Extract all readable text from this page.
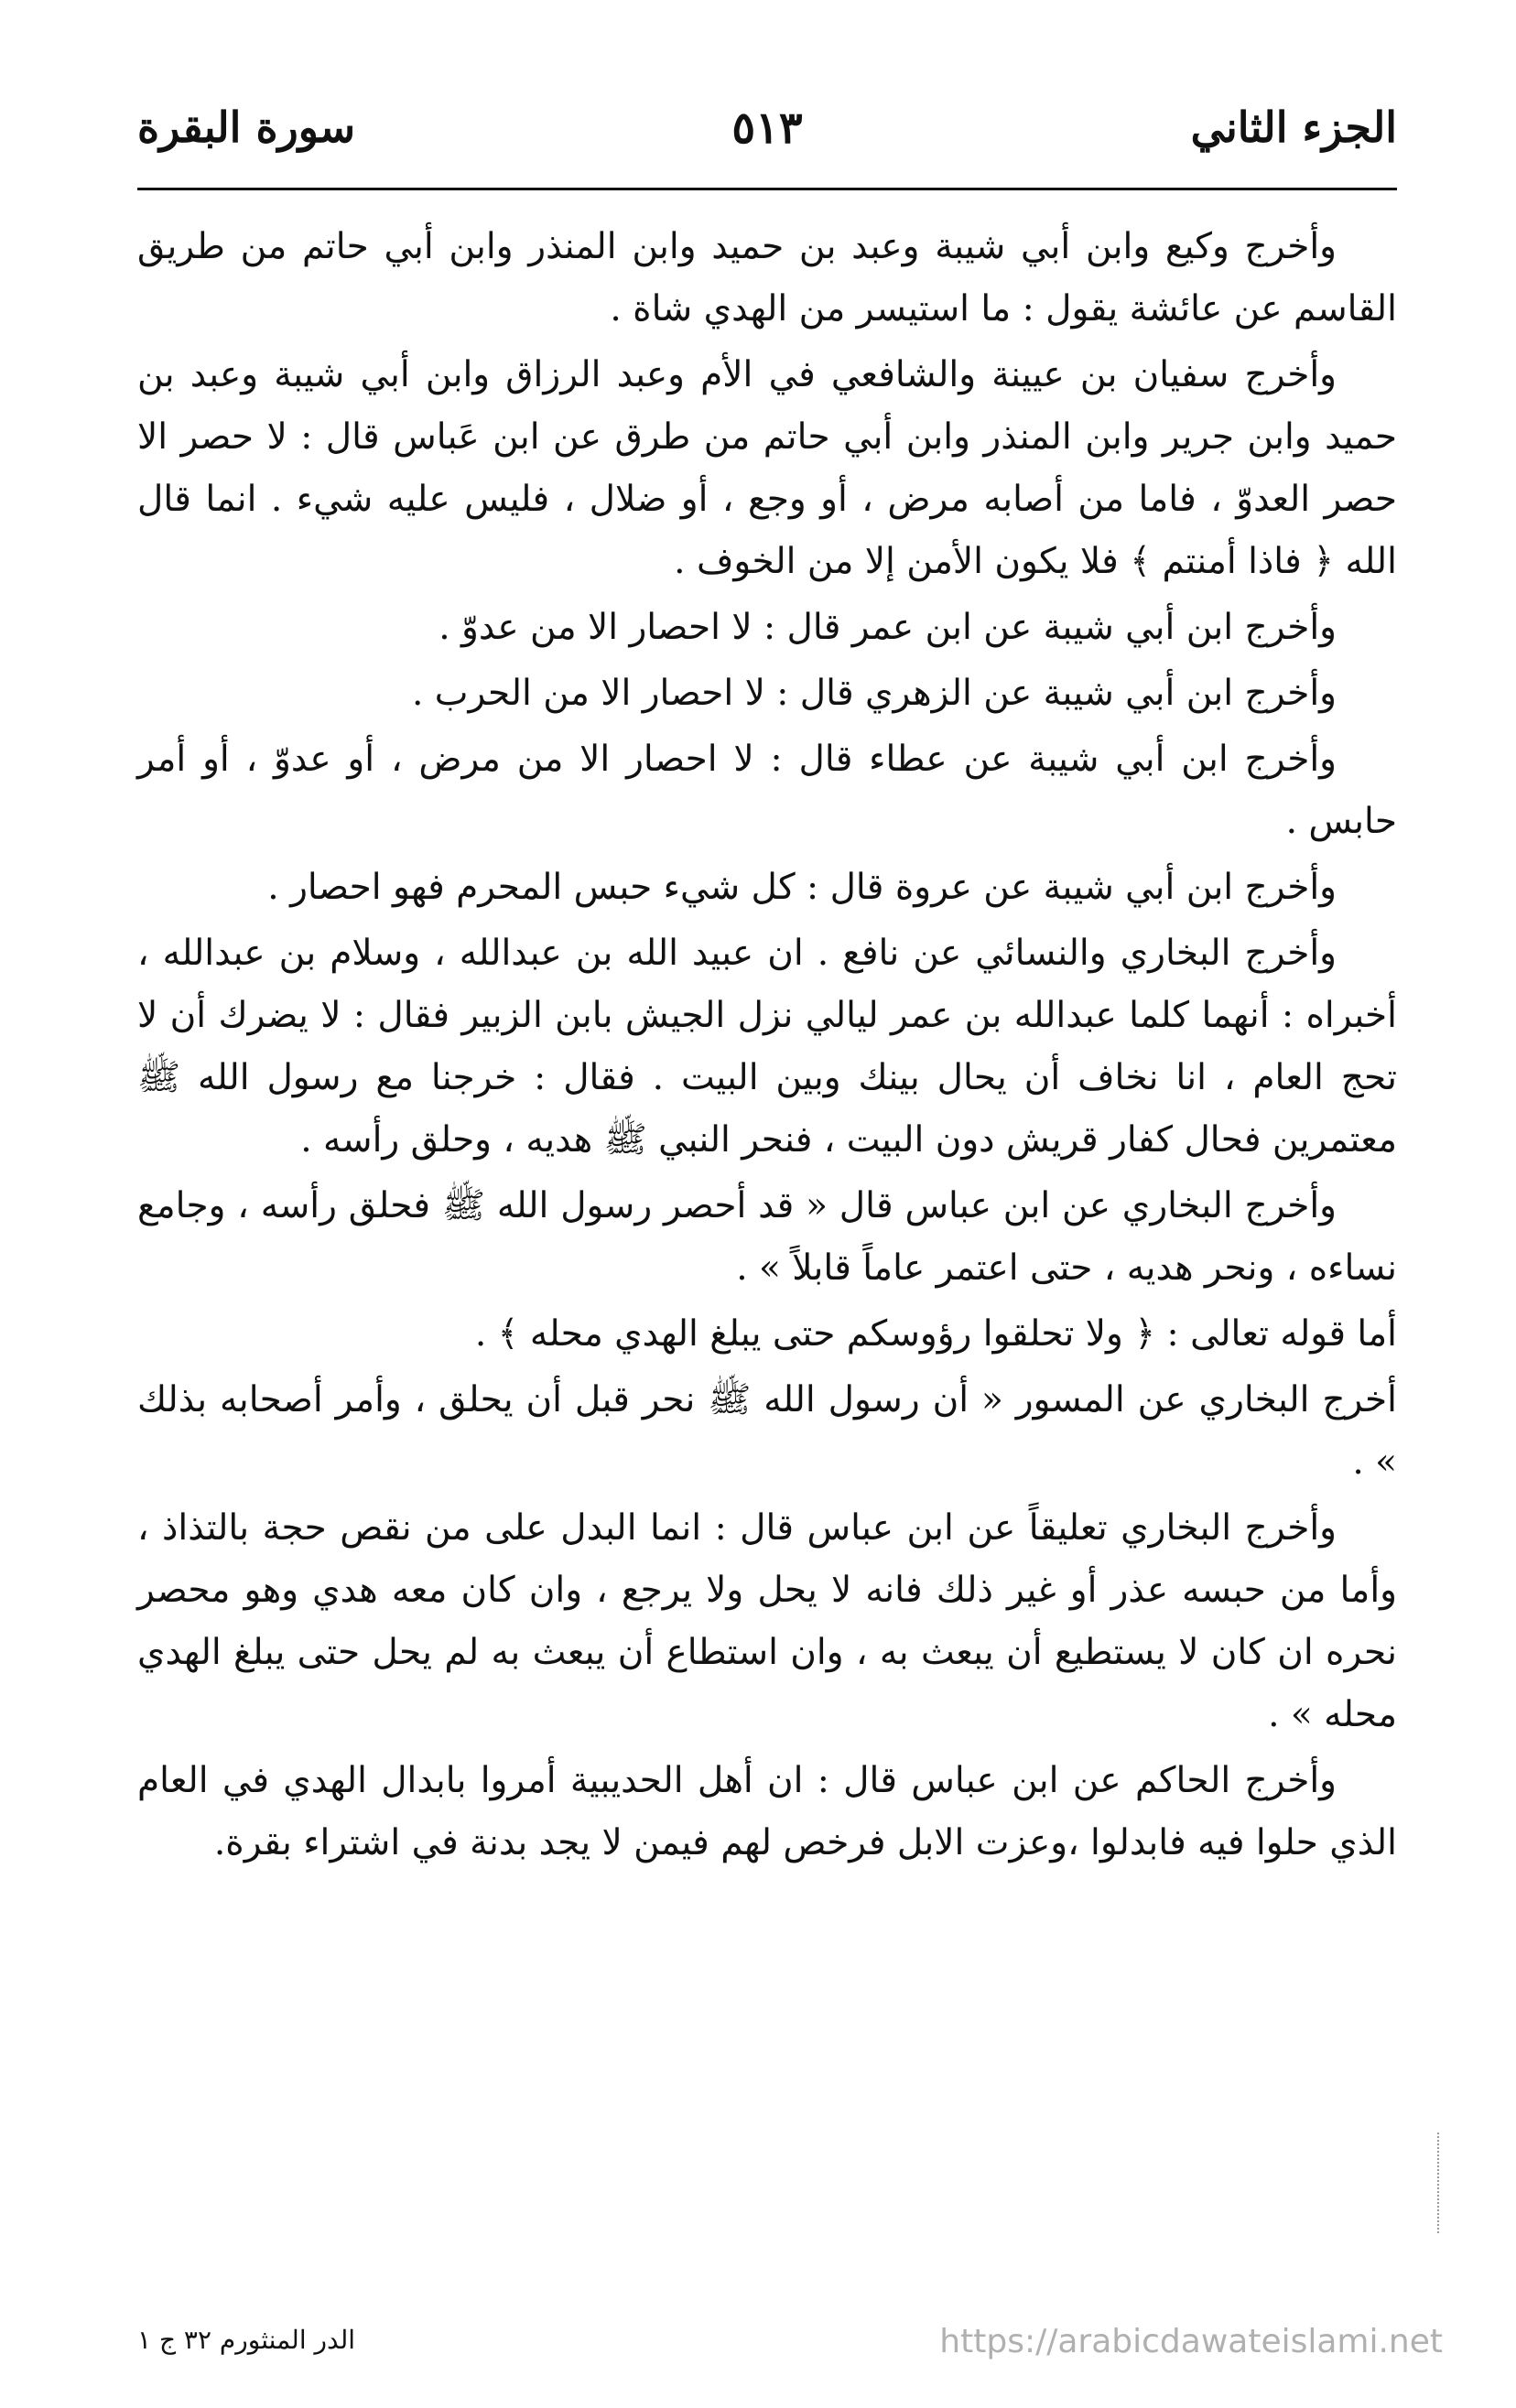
الجزء الثاني
٥١٣
سورة البقرة

وأخرج وكيع وابن أبي شيبة وعبد بن حميد وابن المنذر وابن أبي حاتم من طريق القاسم عن عائشة يقول : ما استيسر من الهدي شاة .

وأخرج سفيان بن عيينة والشافعي في الأم وعبد الرزاق وابن أبي شيبة وعبد بن حميد وابن جرير وابن المنذر وابن أبي حاتم من طرق عن ابن عَباس قال : لا حصر الا حصر العدوّ ، فاما من أصابه مرض ، أو وجع ، أو ضلال ، فليس عليه شيء . انما قال الله ﴿ فاذا أمنتم ﴾ فلا يكون الأمن إلا من الخوف .

وأخرج ابن أبي شيبة عن ابن عمر قال : لا احصار الا من عدوّ .

وأخرج ابن أبي شيبة عن الزهري قال : لا احصار الا من الحرب .

وأخرج ابن أبي شيبة عن عطاء قال : لا احصار الا من مرض ، أو عدوّ ، أو أمر حابس .

وأخرج ابن أبي شيبة عن عروة قال : كل شيء حبس المحرم فهو احصار .

وأخرج البخاري والنسائي عن نافع . ان عبيد الله بن عبدالله ، وسلام بن عبدالله ، أخبراه : أنهما كلما عبدالله بن عمر ليالي نزل الجيش بابن الزبير فقال : لا يضرك أن لا تحج العام ، انا نخاف أن يحال بينك وبين البيت . فقال : خرجنا مع رسول الله ﷺ معتمرين فحال كفار قريش دون البيت ، فنحر النبي ﷺ هديه ، وحلق رأسه .

وأخرج البخاري عن ابن عباس قال « قد أحصر رسول الله ﷺ فحلق رأسه ، وجامع نساءه ، ونحر هديه ، حتى اعتمر عاماً قابلاً » .

أما قوله تعالى : ﴿ ولا تحلقوا رؤوسكم حتى يبلغ الهدي محله ﴾ .

أخرج البخاري عن المسور « أن رسول الله ﷺ نحر قبل أن يحلق ، وأمر أصحابه بذلك » .

وأخرج البخاري تعليقاً عن ابن عباس قال : انما البدل على من نقص حجة بالتذاذ ، وأما من حبسه عذر أو غير ذلك فانه لا يحل ولا يرجع ، وان كان معه هدي وهو محصر نحره ان كان لا يستطيع أن يبعث به ، وان استطاع أن يبعث به لم يحل حتى يبلغ الهدي محله » .

وأخرج الحاكم عن ابن عباس قال : ان أهل الحديبية أمروا بابدال الهدي في العام الذي حلوا فيه فابدلوا ،وعزت الابل فرخص لهم فيمن لا يجد بدنة في اشتراء بقرة.

الدر المنثورم ٣٢ ج ١	https://arabicdawateislami.net
